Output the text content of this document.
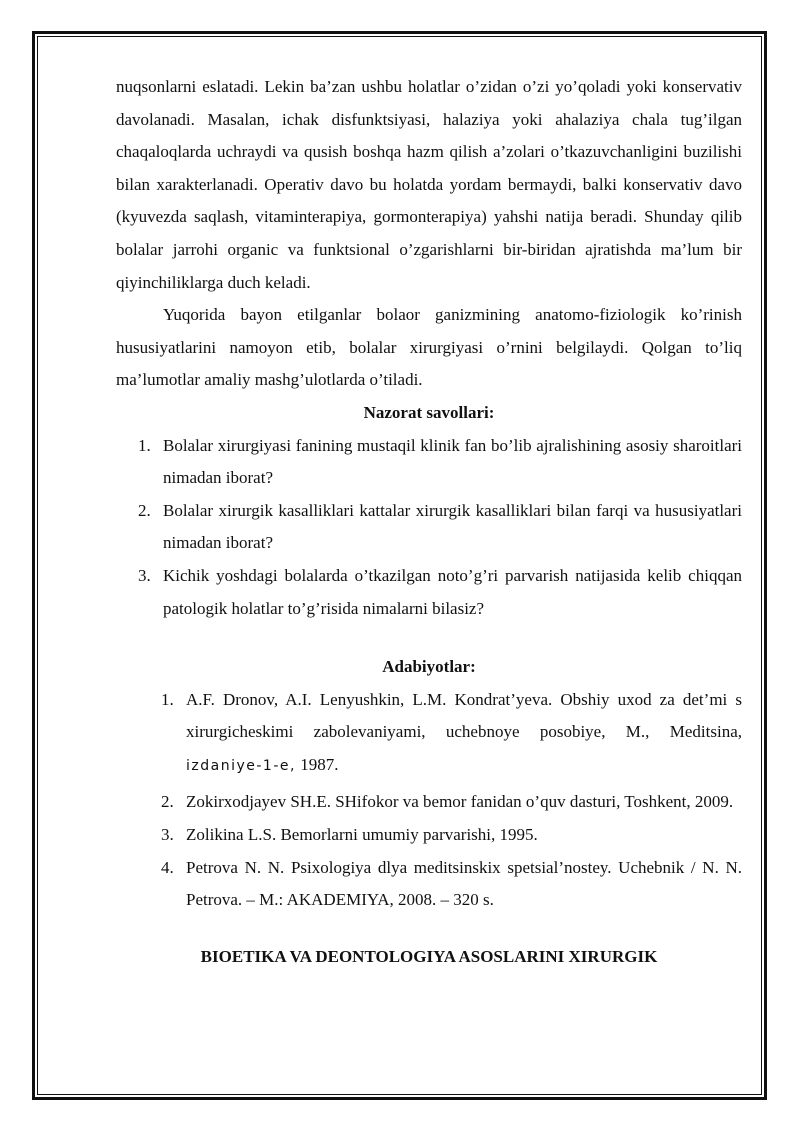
nuqsonlarni eslatadi. Lekin ba’zan ushbu holatlar o’zidan o’zi yo’qoladi yoki konservativ davolanadi. Masalan, ichak disfunktsiyasi, halaziya yoki ahalaziya chala tug’ilgan chaqaloqlarda uchraydi va qusish boshqa hazm qilish a’zolari o’tkazuvchanligini buzilishi bilan xarakterlanadi. Operativ davo bu holatda yordam bermaydi, balki konservativ davo (kyuvezda saqlash, vitaminterapiya, gormonterapiya) yahshi natija beradi. Shunday qilib bolalar jarrohi organic va funktsional o’zgarishlarni bir-biridan ajratishda ma’lum bir qiyinchiliklarga duch keladi.

Yuqorida bayon etilganlar bolaor ganizmining anatomo-fiziologik ko’rinish hususiyatlarini namoyon etib, bolalar xirurgiyasi o’rnini belgilaydi. Qolgan to’liq ma’lumotlar amaliy mashg’ulotlarda o’tiladi.

Nazorat savollari:
1. Bolalar xirurgiyasi fanining mustaqil klinik fan bo’lib ajralishining asosiy sharoitlari nimadan iborat?
2. Bolalar xirurgik kasalliklari kattalar xirurgik kasalliklari bilan farqi va hususiyatlari nimadan iborat?
3. Kichik yoshdagi bolalarda o’tkazilgan noto’g’ri parvarish natijasida kelib chiqqan patologik holatlar to’g’risida nimalarni bilasiz?
Adabiyotlar:
1. A.F. Dronov, A.I. Lenyushkin, L.M. Kondrat’yeva. Obshiy uxod za det’mi s xirurgicheskimi zabolevaniyami, uchebnoye posobiye, M., Meditsina, izdaniye-1-e, 1987.
2. Zokirxodjayev SH.E. SHifokor va bemor fanidan o’quv dasturi, Toshkent, 2009.
3. Zolikina L.S. Bemorlarni umumiy parvarishi, 1995.
4. Petrova N. N. Psixologiya dlya meditsinskix spetsial’nostey. Uchebnik / N. N. Petrova. – M.: AKADEMIYA, 2008. – 320 s.
BIOETIKA VA DEONTOLOGIYA ASOSLARINI XIRURGIK
